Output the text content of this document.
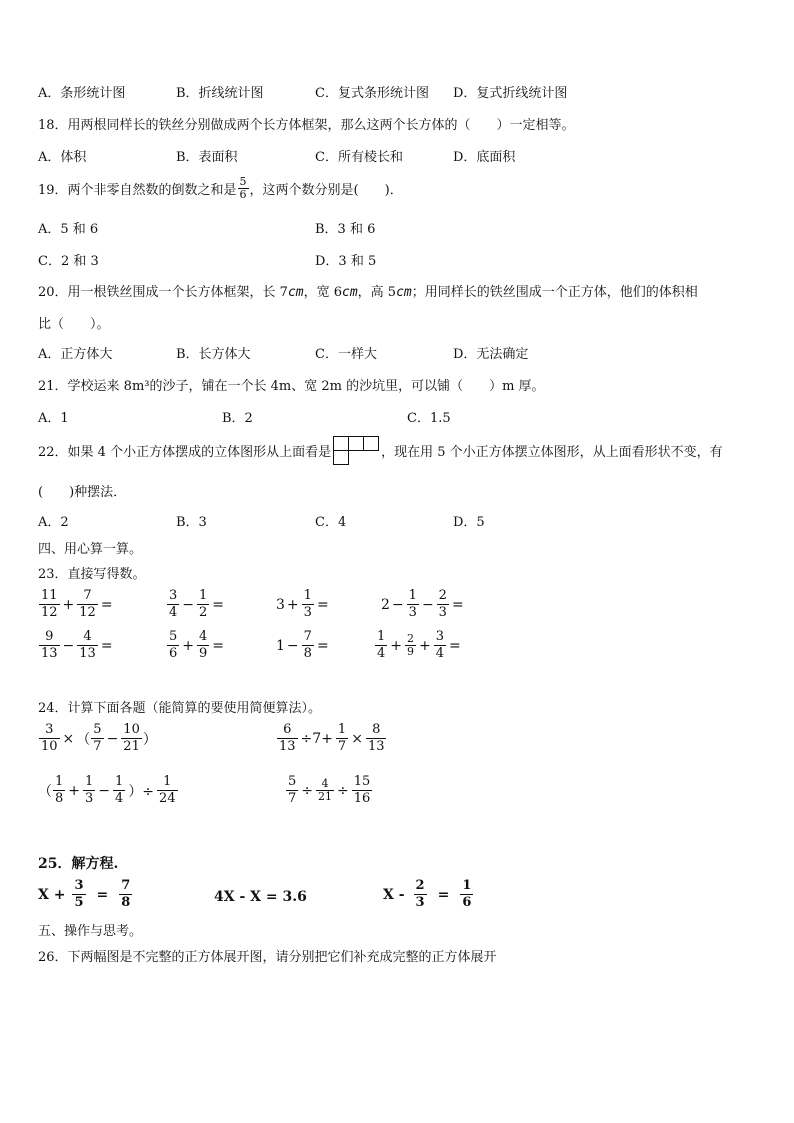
A．条形统计图	B．折线统计图	C．复式条形统计图 D．复式折线统计图
18．用两根同样长的铁丝分别做成两个长方体框架，那么这两个长方体的（　　）一定相等。
A．体积	B．表面积	C．所有棱长和	D．底面积
19．两个非零自然数的倒数之和是 $\frac{5}{6}$ ，这两个数分别是(　　)．
A．5 和 6	B．3 和 6
C．2 和 3	D．3 和 5
20．用一根铁丝围成一个长方体框架，长 7cm，宽 6cm，高 5cm；用同样长的铁丝围成一个正方体，他们的体积相
比（　　）。
A．正方体大	B．长方体大	C．一样大	D．无法确定
21．学校运来 8m³的沙子，铺在一个长 4m、宽 2m 的沙坑里，可以铺（　　）m 厚。
A．1	B．2	C．1.5
22．如果 4 个小正方体摆成的立体图形从上面看是	，现在用 5 个小正方体摆立体图形，从上面看形状不变，有
(　　)种摆法．
A．2	B．3	C．4	D．5
四、用心算一算。
23．直接写得数。
$\frac{11}{12} + \frac{7}{12}$ =	$\frac{3}{4} - \frac{1}{2}$ =	$3 + \frac{1}{3}$ =	$2 - \frac{1}{3} - \frac{2}{3}$ =
$\frac{9}{13} - \frac{4}{13}$ =	$\frac{5}{6} + \frac{4}{9}$ =	$1 - \frac{7}{8}$ =	$\frac{1}{4} + \frac{2}{9} + \frac{3}{4}$ =
24．计算下面各题（能简算的要使用简便算法）。
$\frac{3}{10}$ × （ $\frac{5}{7} - \frac{10}{21}$ ）	$\frac{6}{13} \div 7+ \frac{1}{7} \times \frac{8}{13}$
（ $\frac{1}{8} + \frac{1}{3} - \frac{1}{4}$ ）÷ $\frac{1}{24}$	$\frac{5}{7} \div \frac{4}{21} \div \frac{15}{16}$
25．解方程.
$X + \frac{3}{5} = \frac{7}{8}$	4X - X = 3.6	$X - \frac{2}{3} = \frac{1}{6}$
五、操作与思考。
26．下两幅图是不完整的正方体展开图，请分别把它们补充成完整的正方体展开
